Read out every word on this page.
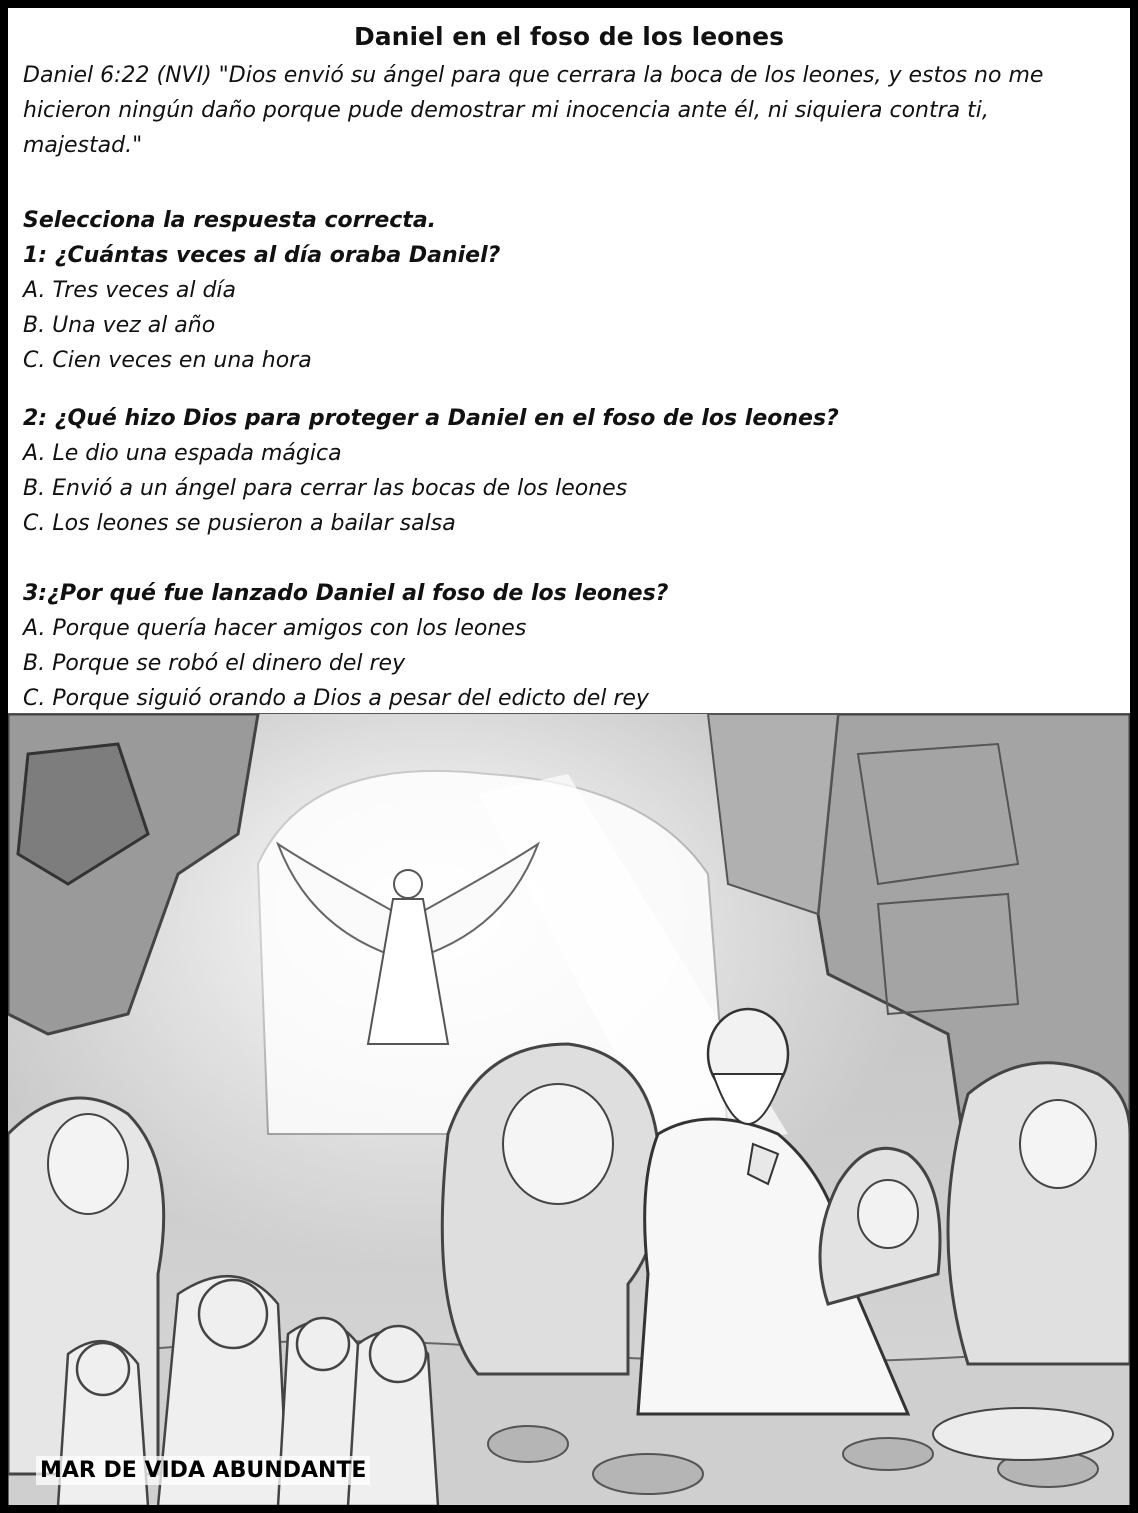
Daniel en el foso de los leones
Daniel 6:22 (NVI) "Dios envió su ángel para que cerrara la boca de los leones, y estos no me hicieron ningún daño porque pude demostrar mi inocencia ante él, ni siquiera contra ti, majestad."
Selecciona la respuesta correcta.
1: ¿Cuántas veces al día oraba Daniel?
A. Tres veces al día
B. Una vez al año
C. Cien veces en una hora
2: ¿Qué hizo Dios para proteger a Daniel en el foso de los leones?
A. Le dio una espada mágica
B. Envió a un ángel para cerrar las bocas de los leones
C. Los leones se pusieron a bailar salsa
3:¿Por qué fue lanzado Daniel al foso de los leones?
A. Porque quería hacer amigos con los leones
B. Porque se robó el dinero del rey
C. Porque siguió orando a Dios a pesar del edicto del rey
MAR DE VIDA ABUNDANTE
